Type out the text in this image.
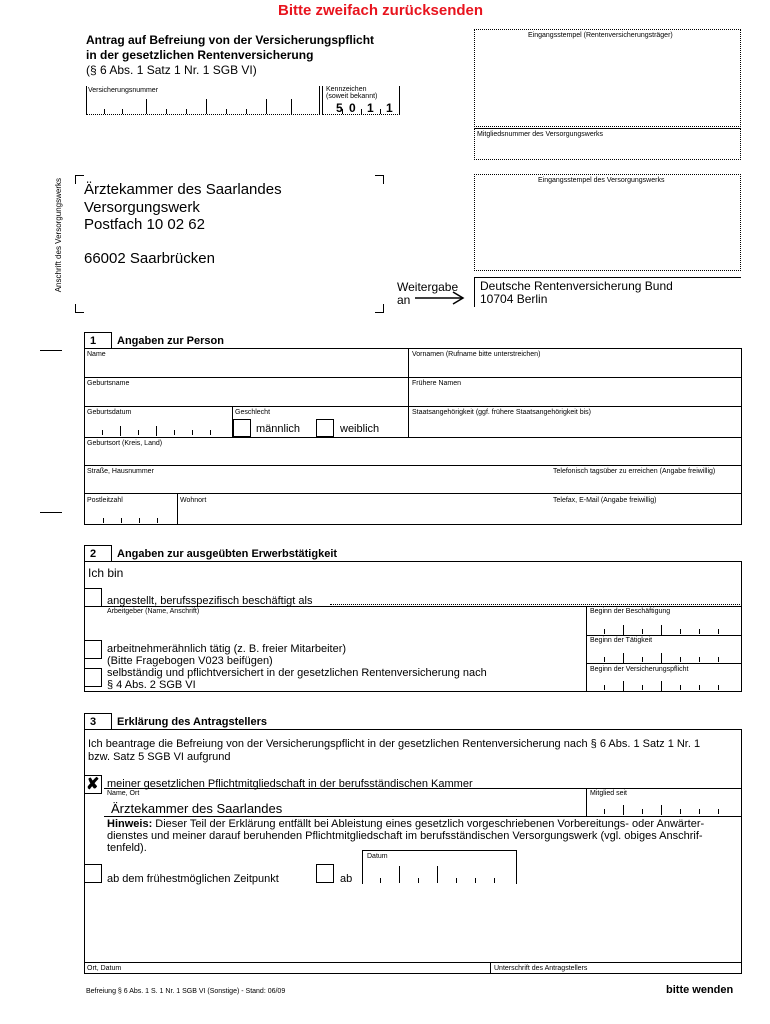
Bitte zweifach zurücksenden
Antrag auf Befreiung von der Versicherungspflicht
in der gesetzlichen Rentenversicherung
(§ 6 Abs. 1 Satz 1 Nr. 1 SGB VI)
Eingangsstempel (Rentenversicherungsträger)
Versicherungsnummer	Kennzeichen
(soweit bekannt)
5 0 1 1
Mitgliedsnummer des Versorgungswerks
Eingangsstempel des Versorgungswerks
Anschrift des Versorgungswerks Ärztekammer des Saarlandes
Versorgungswerk
Postfach 10 02 62
66002 Saarbrücken
Weitergabe
an
Deutsche Rentenversicherung Bund
10704 Berlin
1 Angaben zur Person
Name	Vornamen (Rufname bitte unterstreichen)
Geburtsname	Frühere Namen
Geburtsdatum	Geschlecht
männlich	weiblich
Staatsangehörigkeit (ggf. frühere Staatsangehörigkeit bis)
Geburtsort (Kreis, Land)
Straße, Hausnummer	Telefonisch tagsüber zu erreichen (Angabe freiwillig)
Postleitzahl	Wohnort	Telefax, E-Mail (Angabe freiwillig)
2 Angaben zur ausgeübten Erwerbstätigkeit
Ich bin
angestellt, berufsspezifisch beschäftigt als
Arbeitgeber (Name, Anschrift)	Beginn der Beschäftigung
Beginn der Tätigkeit
arbeitnehmerähnlich tätig (z. B. freier Mitarbeiter)
(Bitte Fragebogen V023 beifügen)
Beginn der Versicherungspflicht
selbständig und pflichtversichert in der gesetzlichen Rentenversicherung nach
§ 4 Abs. 2 SGB VI
3 Erklärung des Antragstellers
Ich beantrage die Befreiung von der Versicherungspflicht in der gesetzlichen Rentenversicherung nach § 6 Abs. 1 Satz 1 Nr. 1
bzw. Satz 5 SGB VI aufgrund
✘ meiner gesetzlichen Pflichtmitgliedschaft in der berufsständischen Kammer
Name, Ort
Ärztekammer des Saarlandes
Mitglied seit
Hinweis: Dieser Teil der Erklärung entfällt bei Ableistung eines gesetzlich vorgeschriebenen Vorbereitungs- oder Anwärter-
dienstes und meiner darauf beruhenden Pflichtmitgliedschaft im berufsständischen Versorgungswerk (vgl. obiges Anschrif-
tenfeld).
ab dem frühestmöglichen Zeitpunkt	ab
Datum
Ort, Datum	Unterschrift des Antragstellers
Befreiung § 6 Abs. 1 S. 1 Nr. 1 SGB VI (Sonstige) - Stand: 06/09	bitte wenden
